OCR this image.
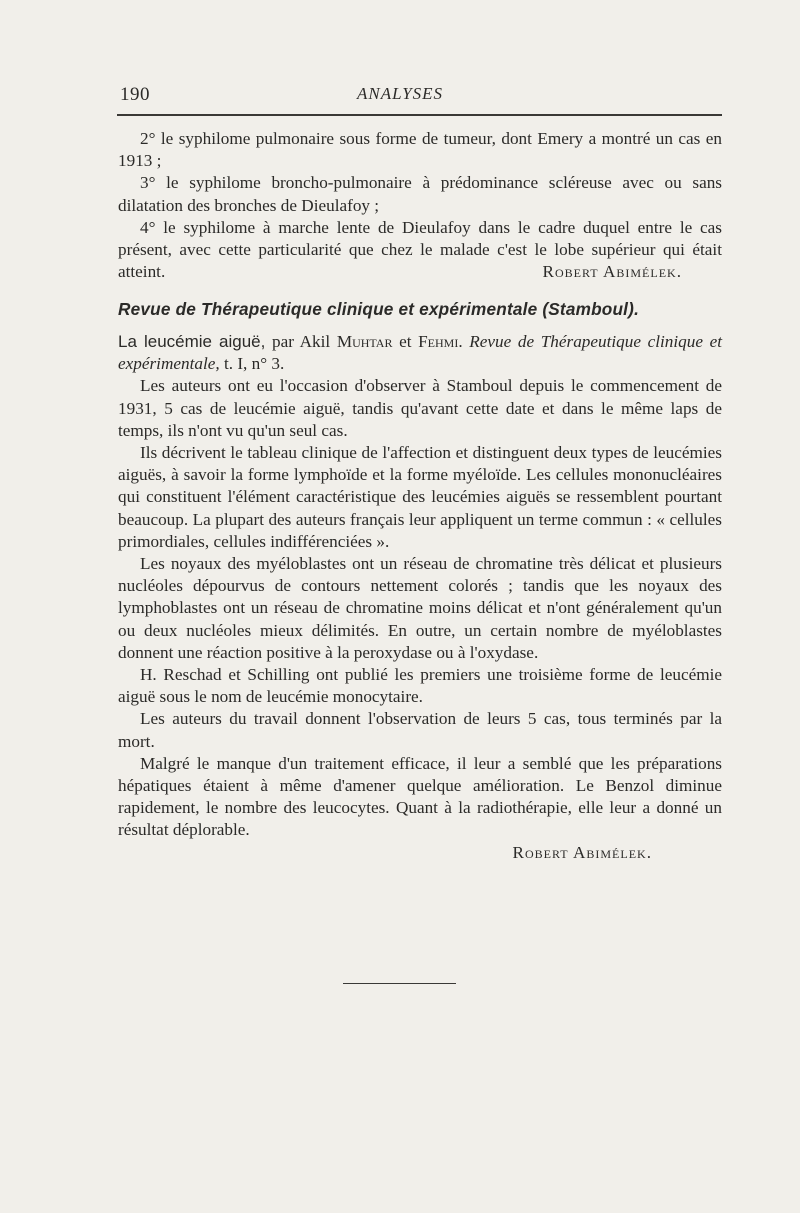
190	ANALYSES

2° le syphilome pulmonaire sous forme de tumeur, dont Emery a montré un cas en 1913 ;

3° le syphilome broncho-pulmonaire à prédominance scléreuse avec ou sans dilatation des bronches de Dieulafoy ;

4° le syphilome à marche lente de Dieulafoy dans le cadre duquel entre le cas présent, avec cette particularité que chez le malade c'est le lobe supérieur qui était atteint.	Robert Abimélek.

Revue de Thérapeutique clinique et expérimentale (Stamboul).

La leucémie aiguë, par Akil Muhtar et Fehmi. Revue de Thérapeutique clinique et expérimentale, t. I, n° 3.

Les auteurs ont eu l'occasion d'observer à Stamboul depuis le commencement de 1931, 5 cas de leucémie aiguë, tandis qu'avant cette date et dans le même laps de temps, ils n'ont vu qu'un seul cas.

Ils décrivent le tableau clinique de l'affection et distinguent deux types de leucémies aiguës, à savoir la forme lymphoïde et la forme myéloïde. Les cellules mononucléaires qui constituent l'élément caractéristique des leucémies aiguës se ressemblent pourtant beaucoup. La plupart des auteurs français leur appliquent un terme commun : « cellules primordiales, cellules indifférenciées ».

Les noyaux des myéloblastes ont un réseau de chromatine très délicat et plusieurs nucléoles dépourvus de contours nettement colorés ; tandis que les noyaux des lymphoblastes ont un réseau de chromatine moins délicat et n'ont généralement qu'un ou deux nucléoles mieux délimités. En outre, un certain nombre de myéloblastes donnent une réaction positive à la peroxydase ou à l'oxydase.

H. Reschad et Schilling ont publié les premiers une troisième forme de leucémie aiguë sous le nom de leucémie monocytaire.

Les auteurs du travail donnent l'observation de leurs 5 cas, tous terminés par la mort.

Malgré le manque d'un traitement efficace, il leur a semblé que les préparations hépatiques étaient à même d'amener quelque amélioration. Le Benzol diminue rapidement, le nombre des leucocytes. Quant à la radiothérapie, elle leur a donné un résultat déplorable.

Robert Abimélek.
